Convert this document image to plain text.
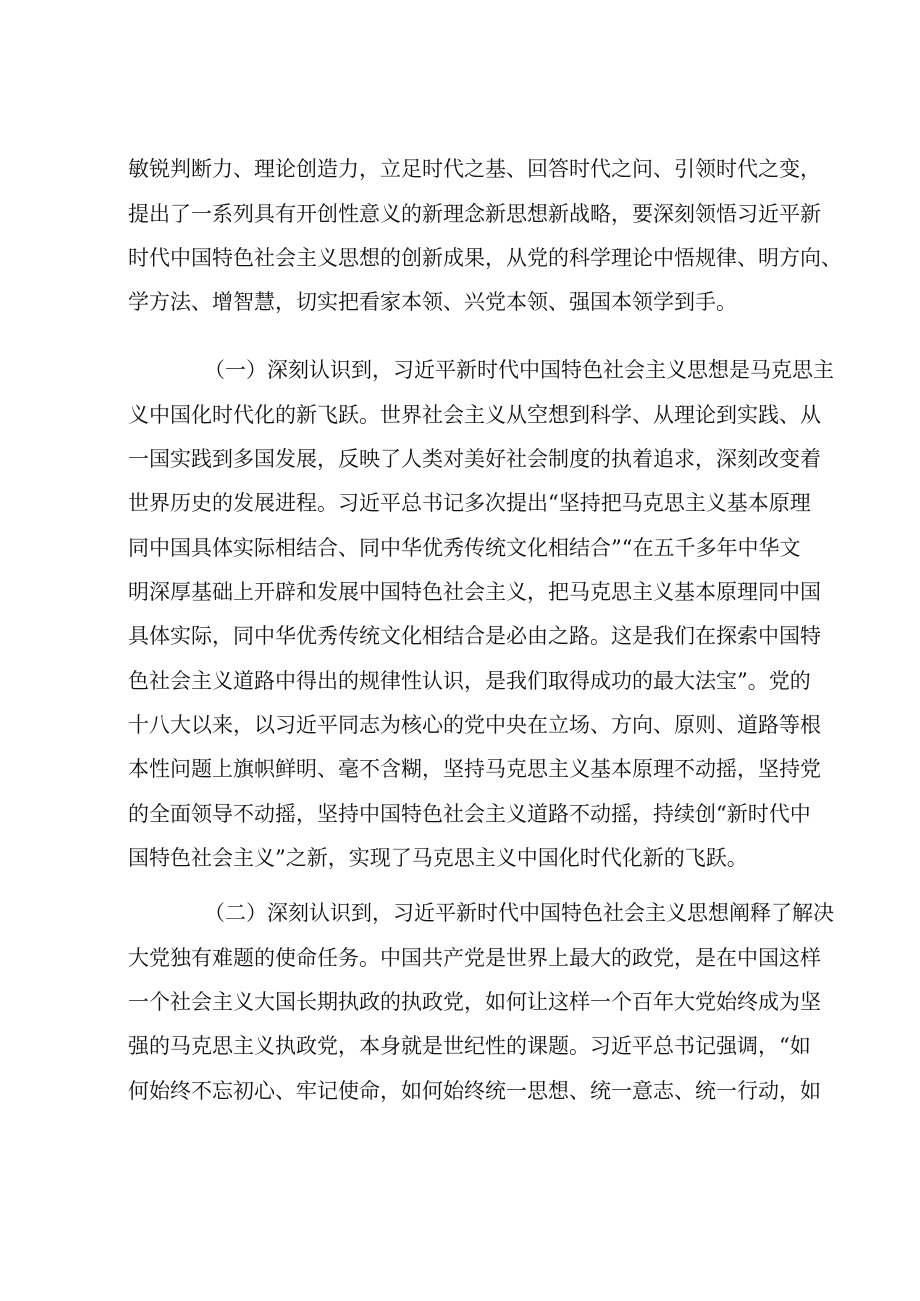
敏锐判断力、理论创造力，立足时代之基、回答时代之问、引领时代之变，
提出了一系列具有开创性意义的新理念新思想新战略，要深刻领悟习近平新
时代中国特色社会主义思想的创新成果，从党的科学理论中悟规律、明方向、
学方法、增智慧，切实把看家本领、兴党本领、强国本领学到手。
（一）深刻认识到，习近平新时代中国特色社会主义思想是马克思主
义中国化时代化的新飞跃。世界社会主义从空想到科学、从理论到实践、从
一国实践到多国发展，反映了人类对美好社会制度的执着追求，深刻改变着
世界历史的发展进程。习近平总书记多次提出“坚持把马克思主义基本原理
同中国具体实际相结合、同中华优秀传统文化相结合”“在五千多年中华文
明深厚基础上开辟和发展中国特色社会主义，把马克思主义基本原理同中国
具体实际，同中华优秀传统文化相结合是必由之路。这是我们在探索中国特
色社会主义道路中得出的规律性认识，是我们取得成功的最大法宝”。党的
十八大以来，以习近平同志为核心的党中央在立场、方向、原则、道路等根
本性问题上旗帜鲜明、毫不含糊，坚持马克思主义基本原理不动摇，坚持党
的全面领导不动摇，坚持中国特色社会主义道路不动摇，持续创“新时代中
国特色社会主义”之新，实现了马克思主义中国化时代化新的飞跃。
（二）深刻认识到，习近平新时代中国特色社会主义思想阐释了解决
大党独有难题的使命任务。中国共产党是世界上最大的政党，是在中国这样
一个社会主义大国长期执政的执政党，如何让这样一个百年大党始终成为坚
强的马克思主义执政党，本身就是世纪性的课题。习近平总书记强调，“如
何始终不忘初心、牢记使命，如何始终统一思想、统一意志、统一行动，如
